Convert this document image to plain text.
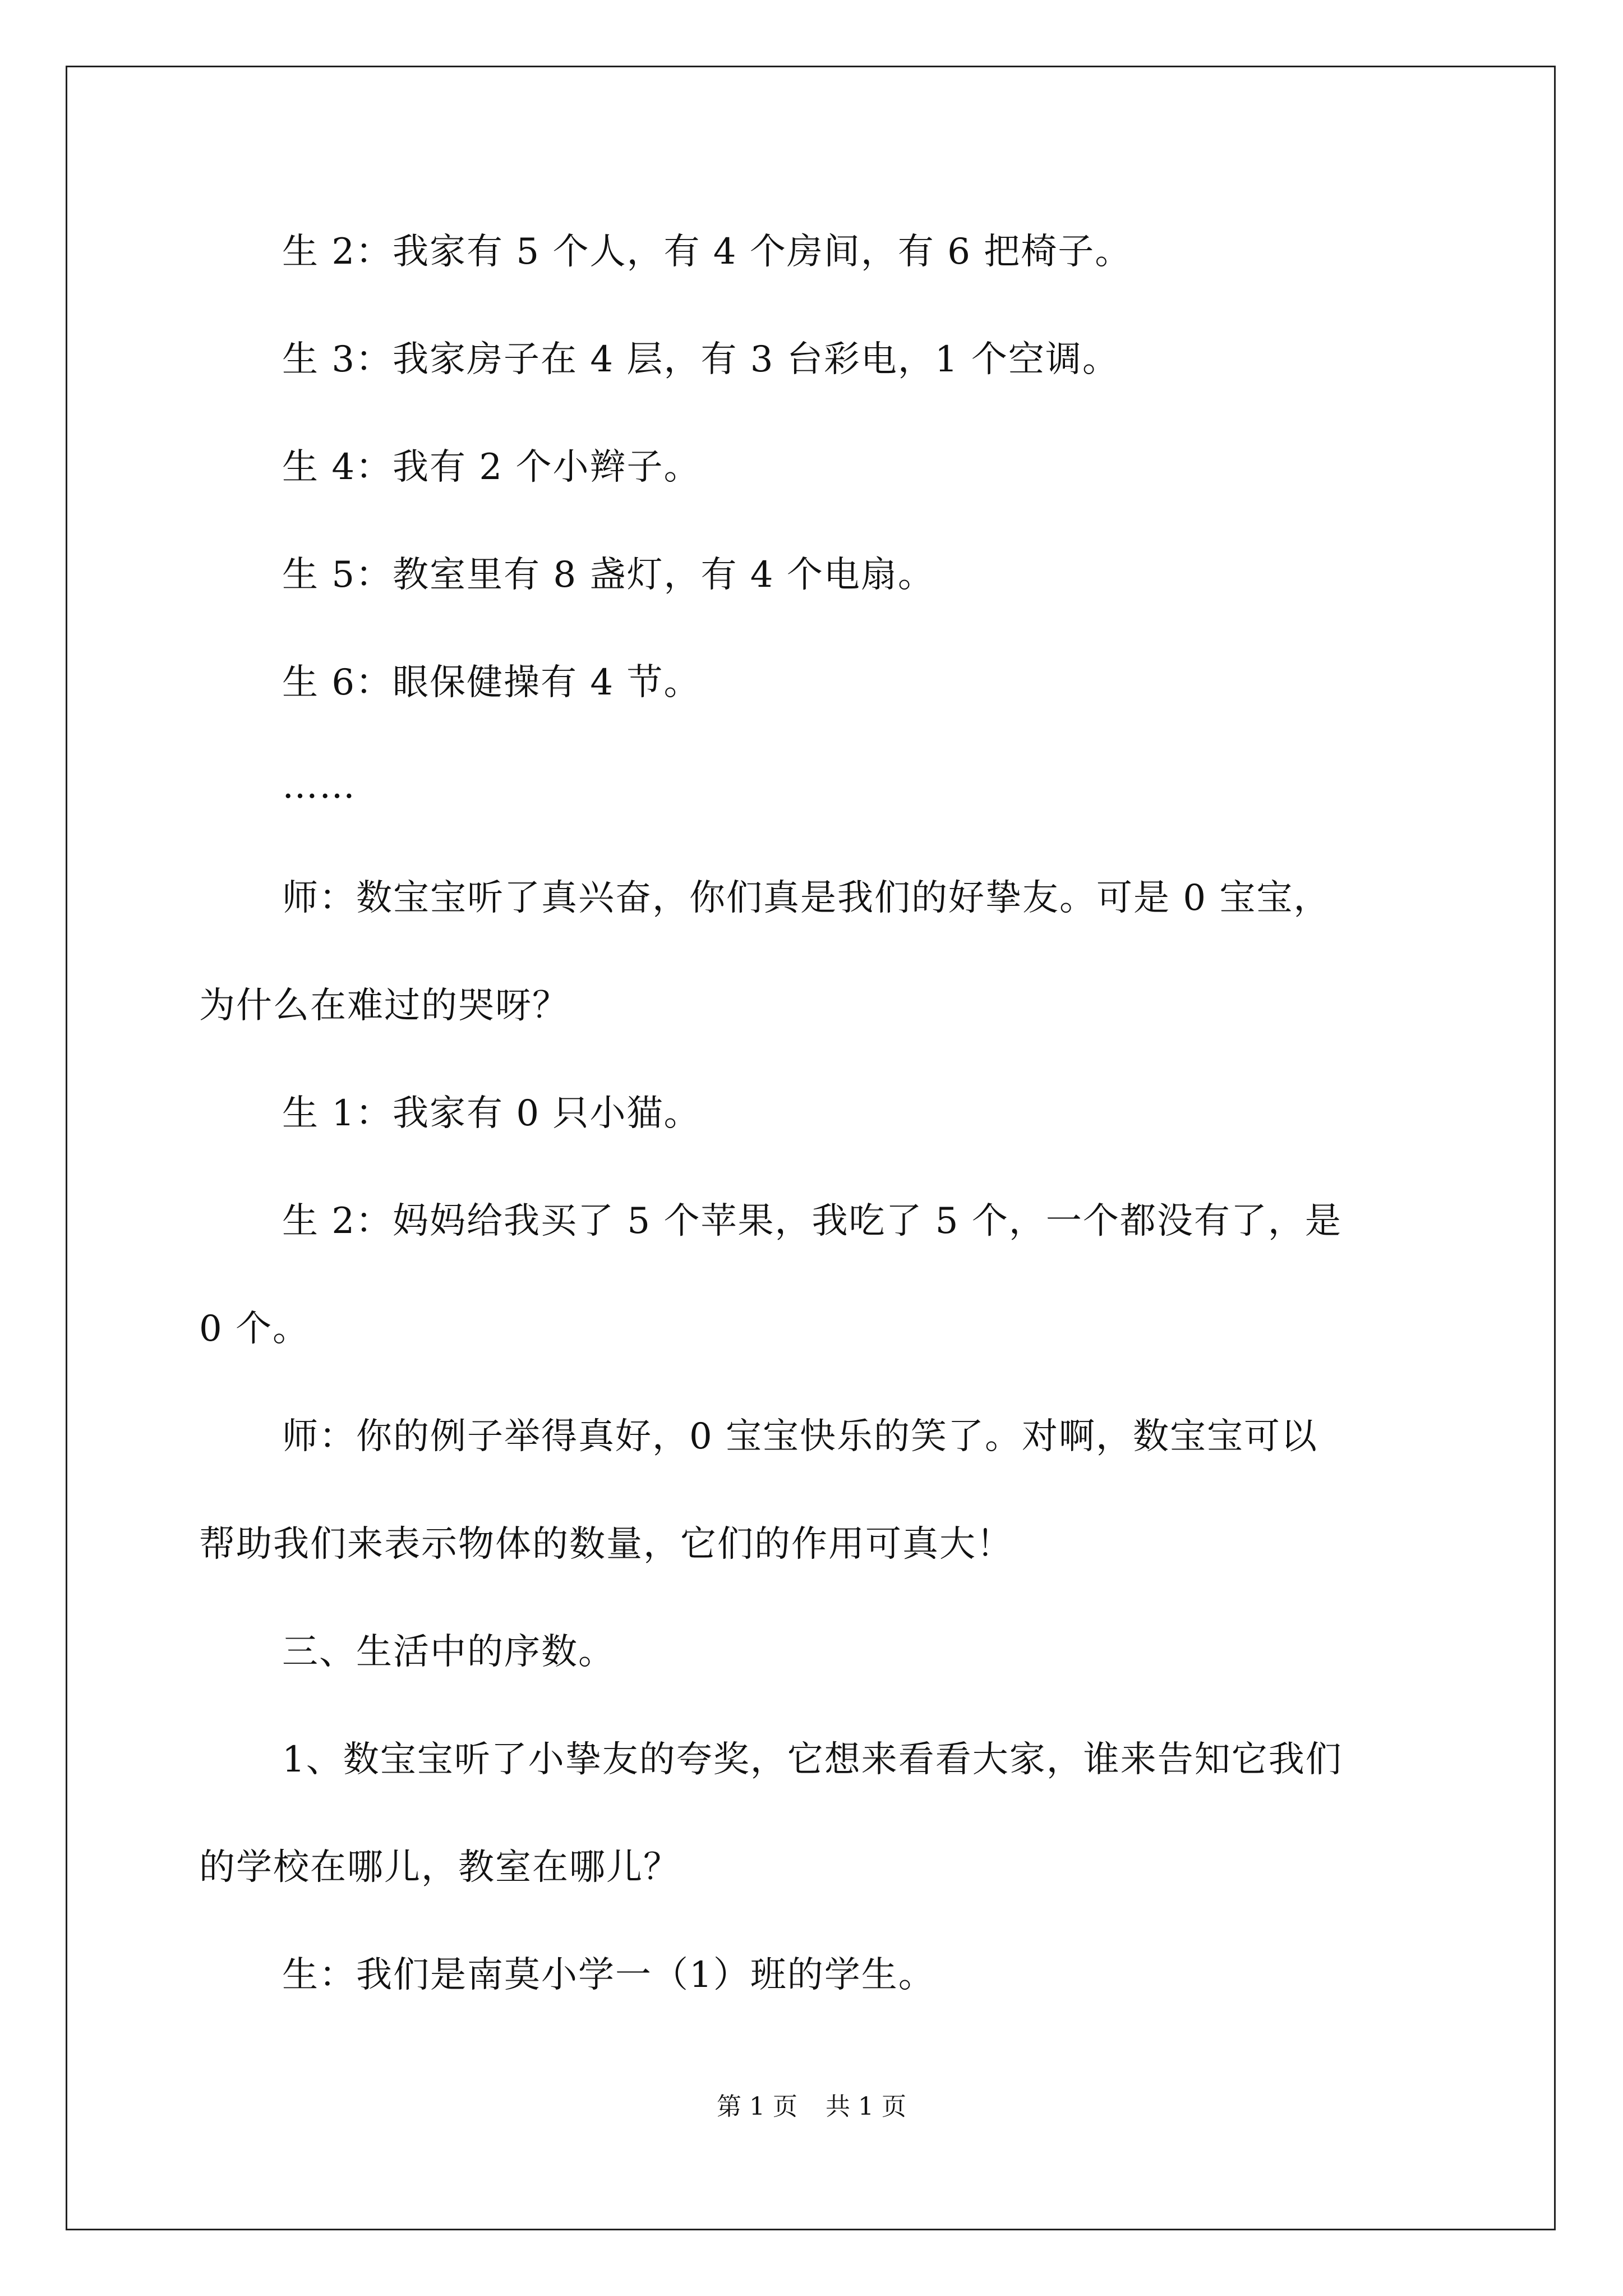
生 2：我家有 5 个人，有 4 个房间，有 6 把椅子。
生 3：我家房子在 4 层，有 3 台彩电，1 个空调。
生 4：我有 2 个小辫子。
生 5：教室里有 8 盏灯，有 4 个电扇。
生 6：眼保健操有 4 节。
……
师：数宝宝听了真兴奋，你们真是我们的好挚友。可是 0 宝宝，
为什么在难过的哭呀？
生 1：我家有 0 只小猫。
生 2：妈妈给我买了 5 个苹果，我吃了 5 个，一个都没有了，是
0 个。
师：你的例子举得真好，0 宝宝快乐的笑了。对啊，数宝宝可以
帮助我们来表示物体的数量，它们的作用可真大！
三、生活中的序数。
1、数宝宝听了小挚友的夸奖，它想来看看大家，谁来告知它我们
的学校在哪儿，教室在哪儿？
生：我们是南莫小学一（1）班的学生。
第 1 页 共 1 页
